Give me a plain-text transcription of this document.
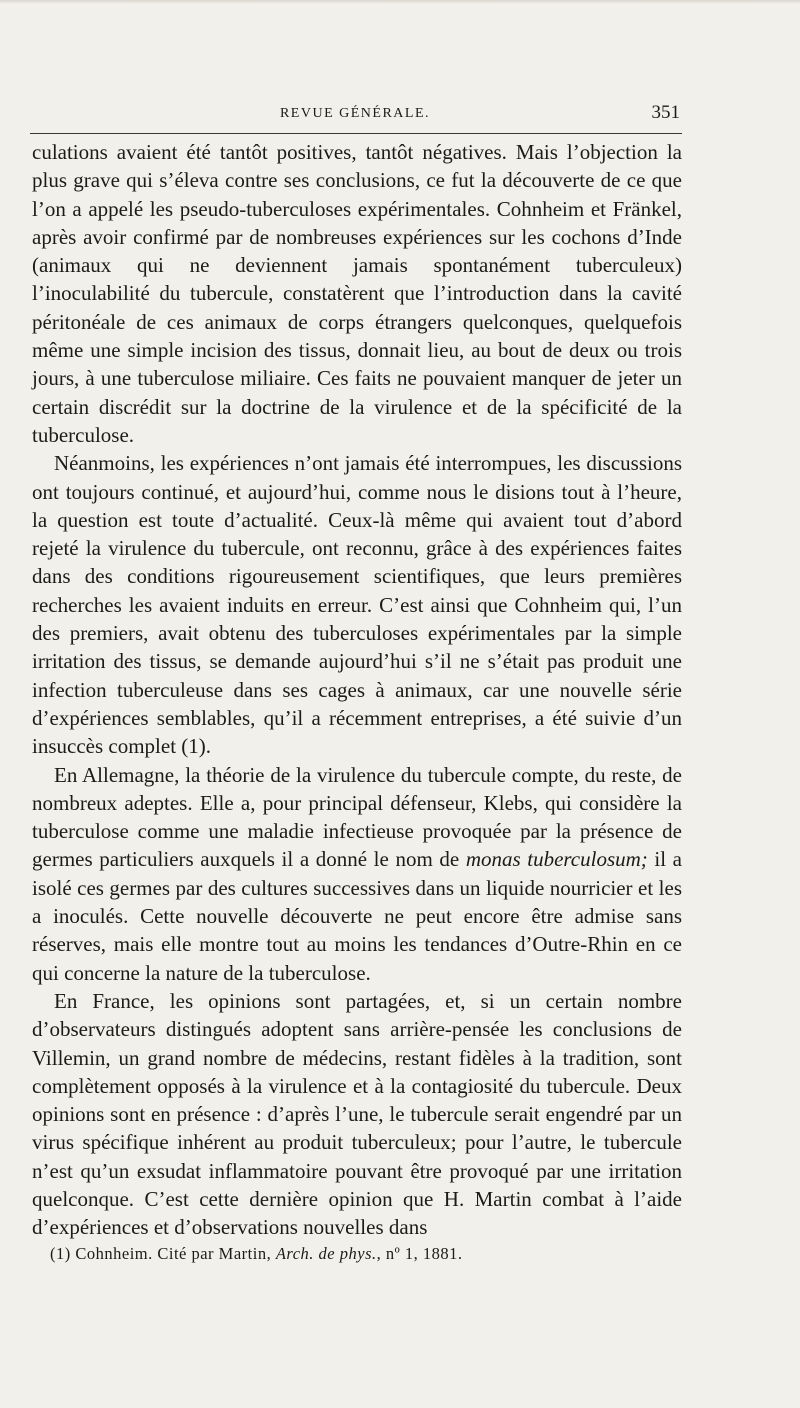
REVUE GÉNÉRALE.	351

culations avaient été tantôt positives, tantôt négatives. Mais l’objection la plus grave qui s’éleva contre ses conclusions, ce fut la découverte de ce que l’on a appelé les pseudo-tuberculoses expérimentales. Cohnheim et Fränkel, après avoir confirmé par de nombreuses expériences sur les cochons d’Inde (animaux qui ne deviennent jamais spontanément tuberculeux) l’inoculabilité du tubercule, constatèrent que l’introduction dans la cavité péritonéale de ces animaux de corps étrangers quelconques, quelquefois même une simple incision des tissus, donnait lieu, au bout de deux ou trois jours, à une tuberculose miliaire. Ces faits ne pouvaient manquer de jeter un certain discrédit sur la doctrine de la virulence et de la spécificité de la tuberculose.

Néanmoins, les expériences n’ont jamais été interrompues, les discussions ont toujours continué, et aujourd’hui, comme nous le disions tout à l’heure, la question est toute d’actualité. Ceux-là même qui avaient tout d’abord rejeté la virulence du tubercule, ont reconnu, grâce à des expériences faites dans des conditions rigoureusement scientifiques, que leurs premières recherches les avaient induits en erreur. C’est ainsi que Cohnheim qui, l’un des premiers, avait obtenu des tuberculoses expérimentales par la simple irritation des tissus, se demande aujourd’hui s’il ne s’était pas produit une infection tuberculeuse dans ses cages à animaux, car une nouvelle série d’expériences semblables, qu’il a récemment entreprises, a été suivie d’un insuccès complet (1).

En Allemagne, la théorie de la virulence du tubercule compte, du reste, de nombreux adeptes. Elle a, pour principal défenseur, Klebs, qui considère la tuberculose comme une maladie infectieuse provoquée par la présence de germes particuliers auxquels il a donné le nom de monas tuberculosum; il a isolé ces germes par des cultures successives dans un liquide nourricier et les a inoculés. Cette nouvelle découverte ne peut encore être admise sans réserves, mais elle montre tout au moins les tendances d’Outre-Rhin en ce qui concerne la nature de la tuberculose.

En France, les opinions sont partagées, et, si un certain nombre d’observateurs distingués adoptent sans arrière-pensée les conclusions de Villemin, un grand nombre de médecins, restant fidèles à la tradition, sont complètement opposés à la virulence et à la contagiosité du tubercule. Deux opinions sont en présence : d’après l’une, le tubercule serait engendré par un virus spécifique inhérent au produit tuberculeux; pour l’autre, le tubercule n’est qu’un exsudat inflammatoire pouvant être provoqué par une irritation quelconque. C’est cette dernière opinion que H. Martin combat à l’aide d’expériences et d’observations nouvelles dans

(1) Cohnheim. Cité par Martin, Arch. de phys., nº 1, 1881.
